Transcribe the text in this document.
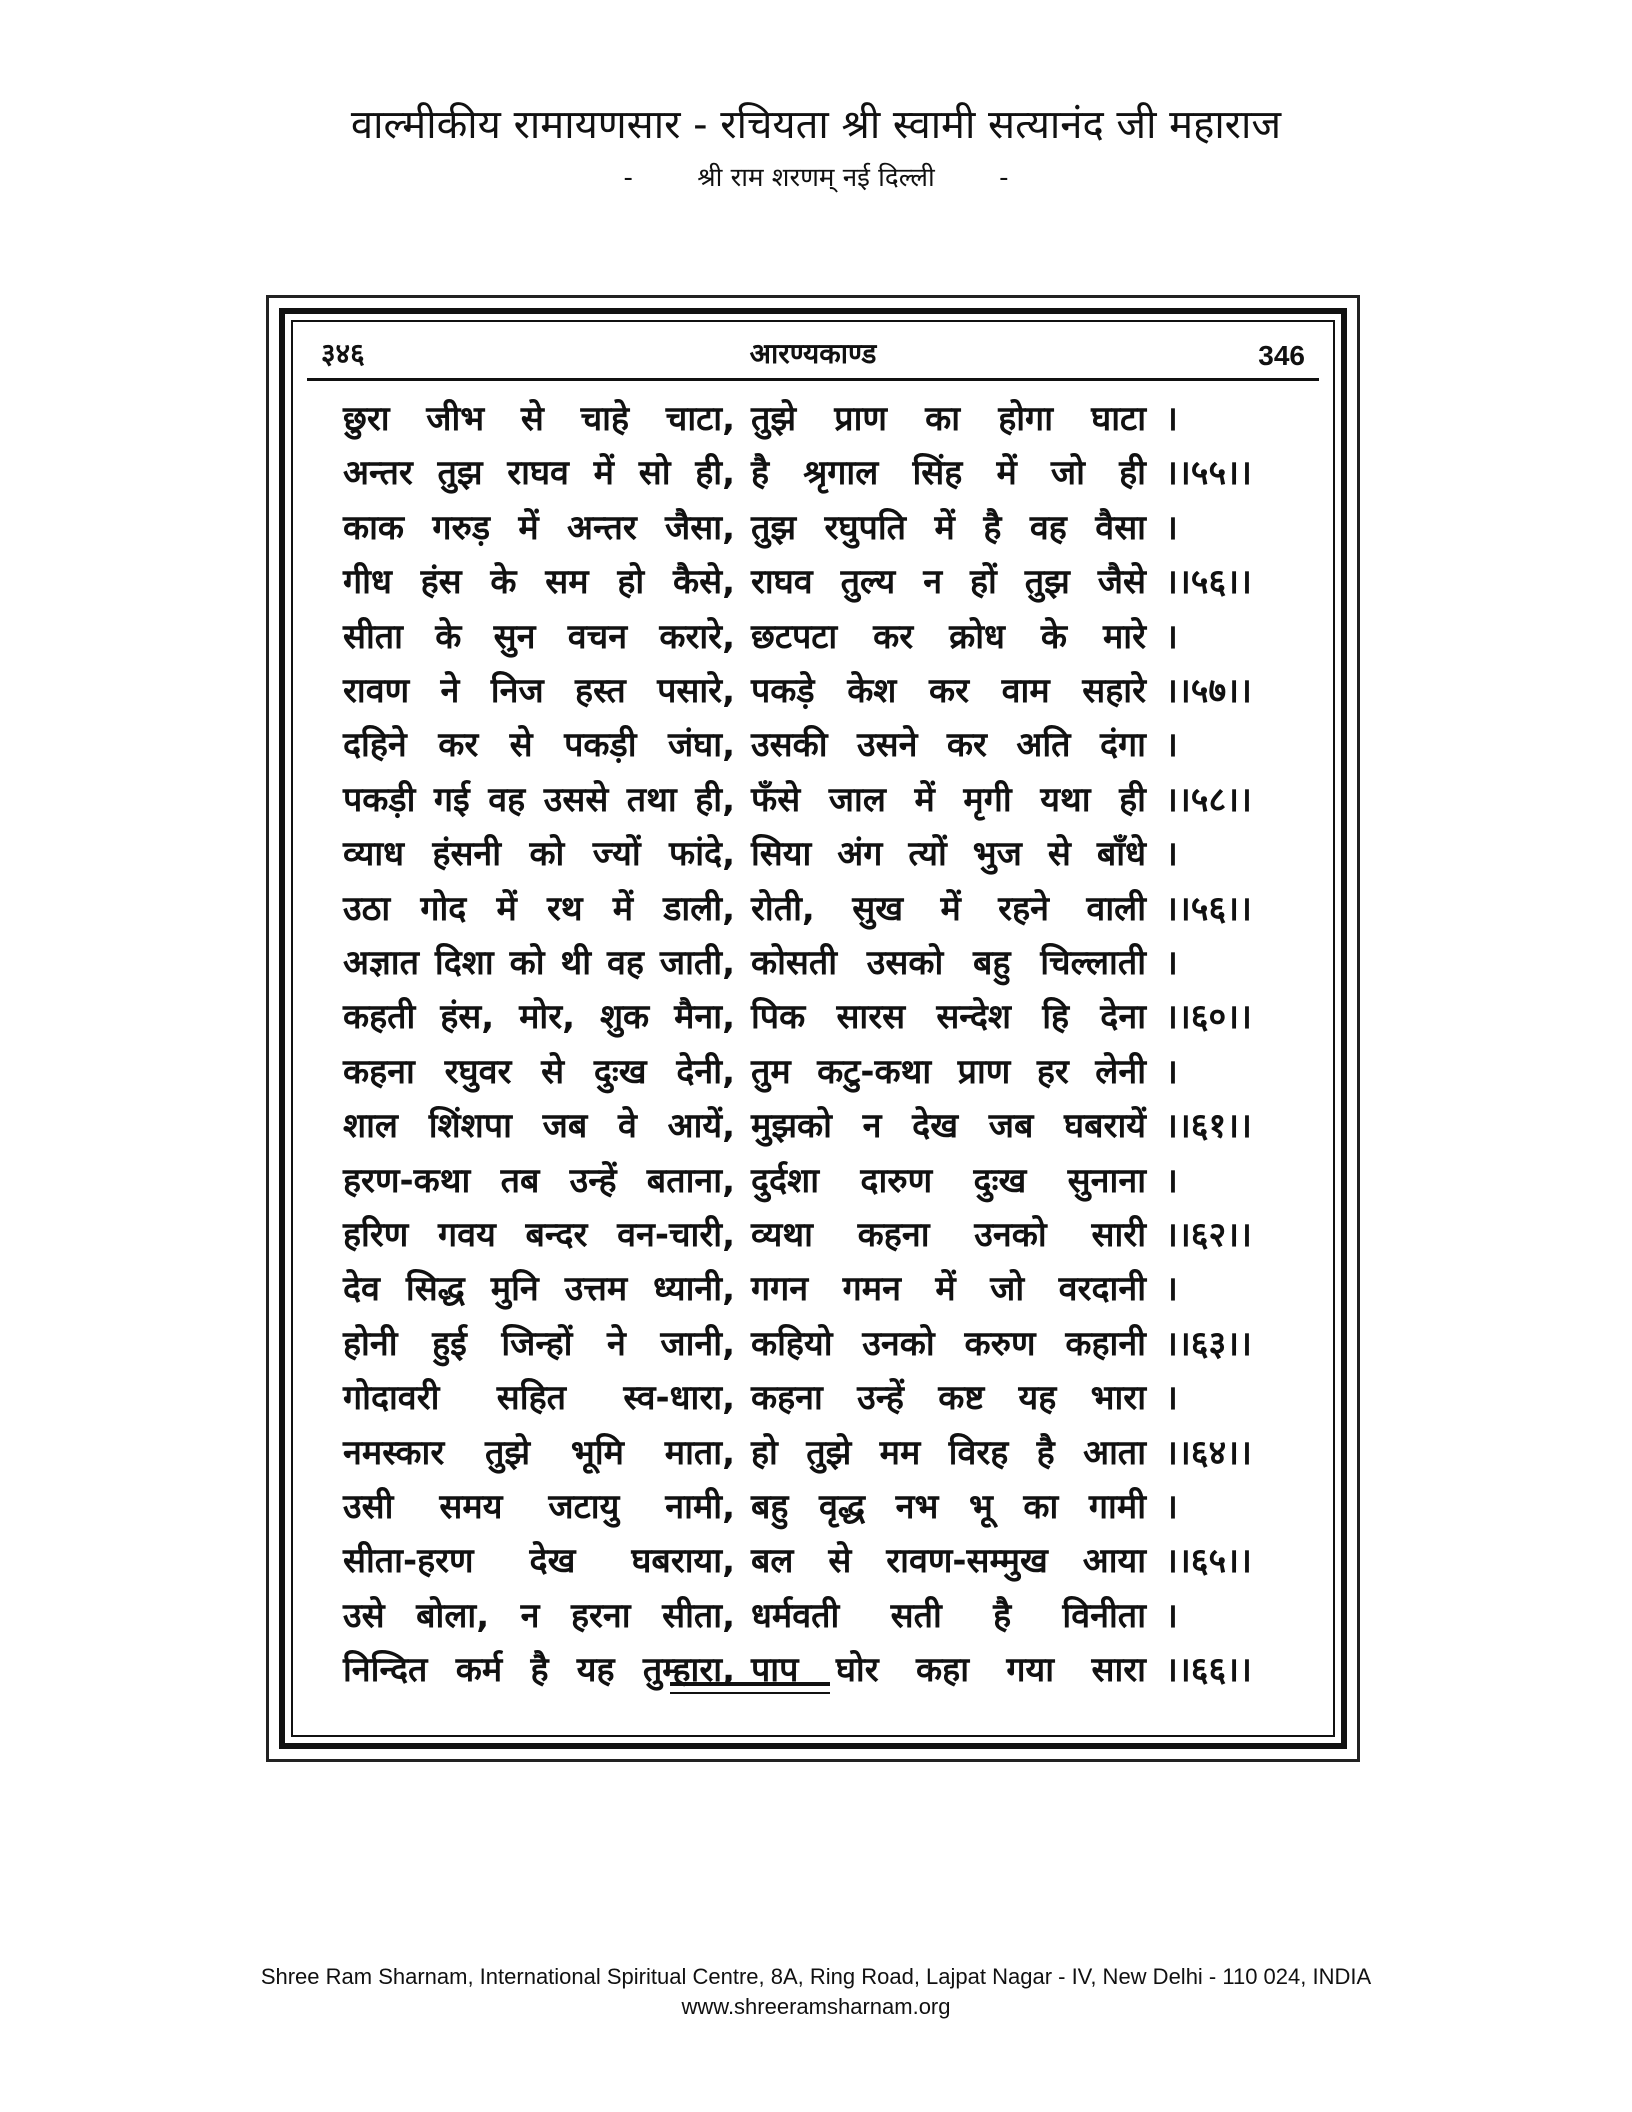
वाल्मीकीय रामायणसार - रचियता श्री स्वामी सत्यानंद जी महाराज
- श्री राम शरणम् नई दिल्ली -
३४६	आरण्यकाण्ड	346
छुरा जीभ से चाहे चाटा, तुझे प्राण का होगा घाटा ।
अन्तर तुझ राघव में सो ही, है श्रृगाल सिंह में जो ही ।।५५।।
काक गरुड़ में अन्तर जैसा, तुझ रघुपति में है वह वैसा ।
गीध हंस के सम हो कैसे, राघव तुल्य न हों तुझ जैसे ।।५६।।
सीता के सुन वचन करारे, छटपटा कर क्रोध के मारे ।
रावण ने निज हस्त पसारे, पकड़े केश कर वाम सहारे ।।५७।।
दहिने कर से पकड़ी जंघा, उसकी उसने कर अति दंगा ।
पकड़ी गई वह उससे तथा ही, फँसे जाल में मृगी यथा ही ।।५८।।
व्याध हंसनी को ज्यों फांदे, सिया अंग त्यों भुज से बाँधे ।
उठा गोद में रथ में डाली, रोती, सुख में रहने वाली ।।५६।।
अज्ञात दिशा को थी वह जाती, कोसती उसको बहु चिल्लाती ।
कहती हंस, मोर, शुक मैना, पिक सारस सन्देश हि देना ।।६०।।
कहना रघुवर से दुःख देनी, तुम कटु-कथा प्राण हर लेनी ।
शाल शिंशपा जब वे आयें, मुझको न देख जब घबरायें ।।६१।।
हरण-कथा तब उन्हें बताना, दुर्दशा दारुण दुःख सुनाना ।
हरिण गवय बन्दर वन-चारी, व्यथा कहना उनको सारी ।।६२।।
देव सिद्ध मुनि उत्तम ध्यानी, गगन गमन में जो वरदानी ।
होनी हुई जिन्हों ने जानी, कहियो उनको करुण कहानी ।।६३।।
गोदावरी सहित स्व-धारा, कहना उन्हें कष्ट यह भारा ।
नमस्कार तुझे भूमि माता, हो तुझे मम विरह है आता ।।६४।।
उसी समय जटायु नामी, बहु वृद्ध नभ भू का गामी ।
सीता-हरण देख घबराया, बल से रावण-सम्मुख आया ।।६५।।
उसे बोला, न हरना सीता, धर्मवती सती है विनीता ।
निन्दित कर्म है यह तुम्हारा, पाप घोर कहा गया सारा ।।६६।।
Shree Ram Sharnam, International Spiritual Centre, 8A, Ring Road, Lajpat Nagar - IV, New Delhi - 110 024, INDIA
www.shreeramsharnam.org
